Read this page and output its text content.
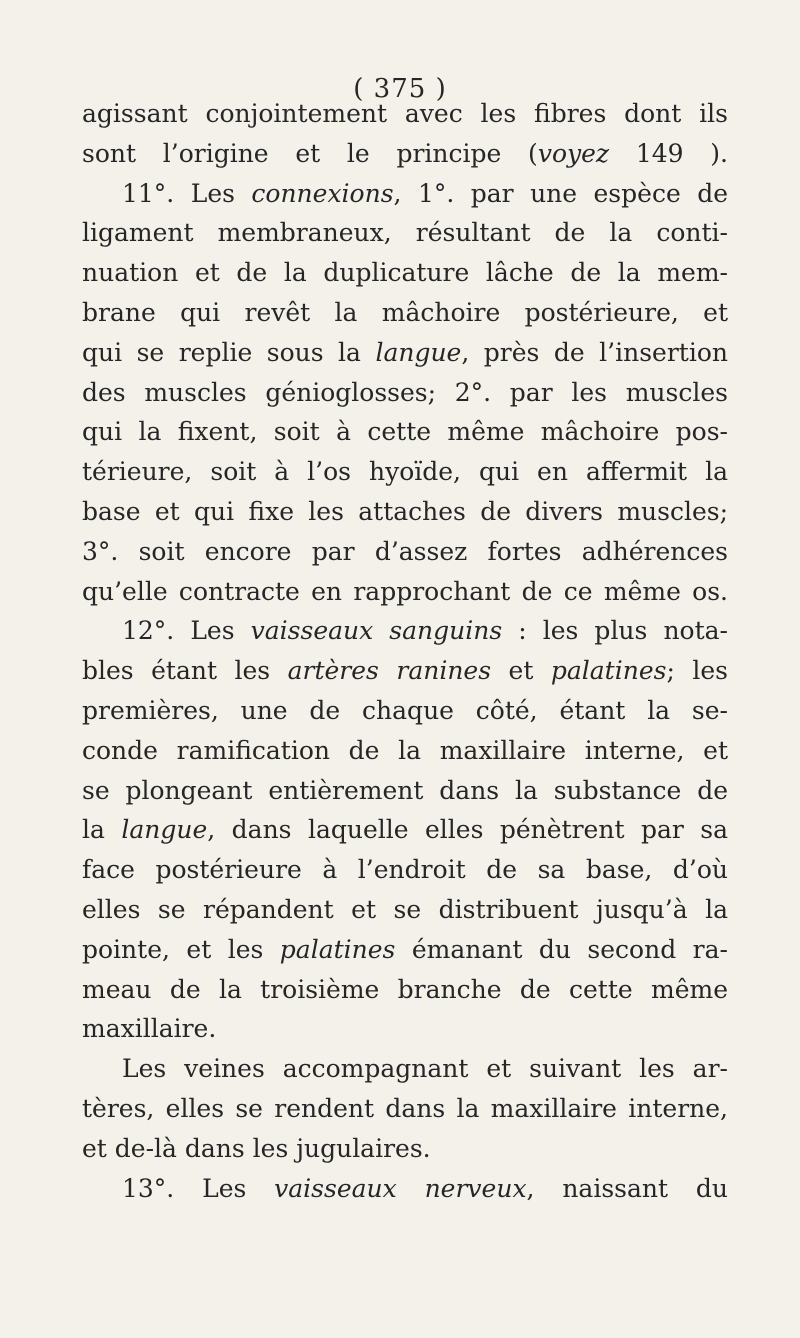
( 375 )
agissant conjointement avec les fibres dont ils
sont l’origine et le principe (voyez 149 ).
11°. Les connexions, 1°. par une espèce de
ligament membraneux, résultant de la conti-
nuation et de la duplicature lâche de la mem-
brane qui revêt la mâchoire postérieure, et
qui se replie sous la langue, près de l’insertion
des muscles génioglosses; 2°. par les muscles
qui la fixent, soit à cette même mâchoire pos-
térieure, soit à l’os hyoïde, qui en affermit la
base et qui fixe les attaches de divers muscles;
3°. soit encore par d’assez fortes adhérences
qu’elle contracte en rapprochant de ce même os.
12°. Les vaisseaux sanguins : les plus nota-
bles étant les artères ranines et palatines; les
premières, une de chaque côté, étant la se-
conde ramification de la maxillaire interne, et
se plongeant entièrement dans la substance de
la langue, dans laquelle elles pénètrent par sa
face postérieure à l’endroit de sa base, d’où
elles se répandent et se distribuent jusqu’à la
pointe, et les palatines émanant du second ra-
meau de la troisième branche de cette même
maxillaire.
Les veines accompagnant et suivant les ar-
tères, elles se rendent dans la maxillaire interne,
et de-là dans les jugulaires.
13°. Les vaisseaux nerveux, naissant du
